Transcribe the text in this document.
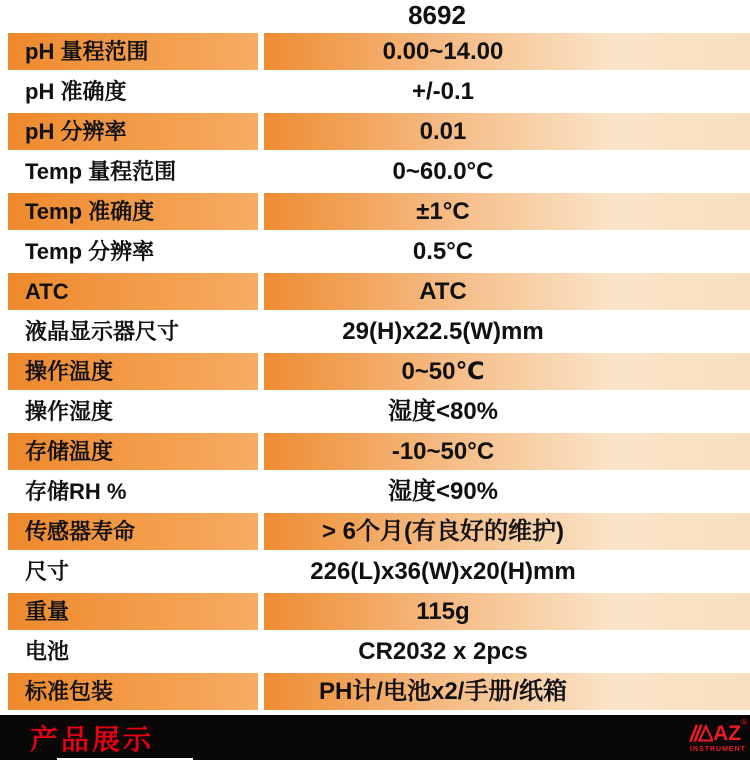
8692
pH 量程范围	0.00~14.00
pH 准确度	+/-0.1
pH 分辨率	0.01
Temp 量程范围	0~60.0°C
Temp 准确度	±1°C
Temp 分辨率	0.5°C
ATC	ATC
液晶显示器尺寸	29(H)x22.5(W)mm
操作温度	0~50℃
操作湿度	湿度<80%
存储温度	-10~50°C
存储RH %	湿度<90%
传感器寿命	> 6个月(有良好的维护)
尺寸	226(L)x36(W)x20(H)mm
重量	115g
电池	CR2032 x 2pcs
标准包装	PH计/电池x2/手册/纸箱
产品展示	AZ ®
INSTRUMENT
